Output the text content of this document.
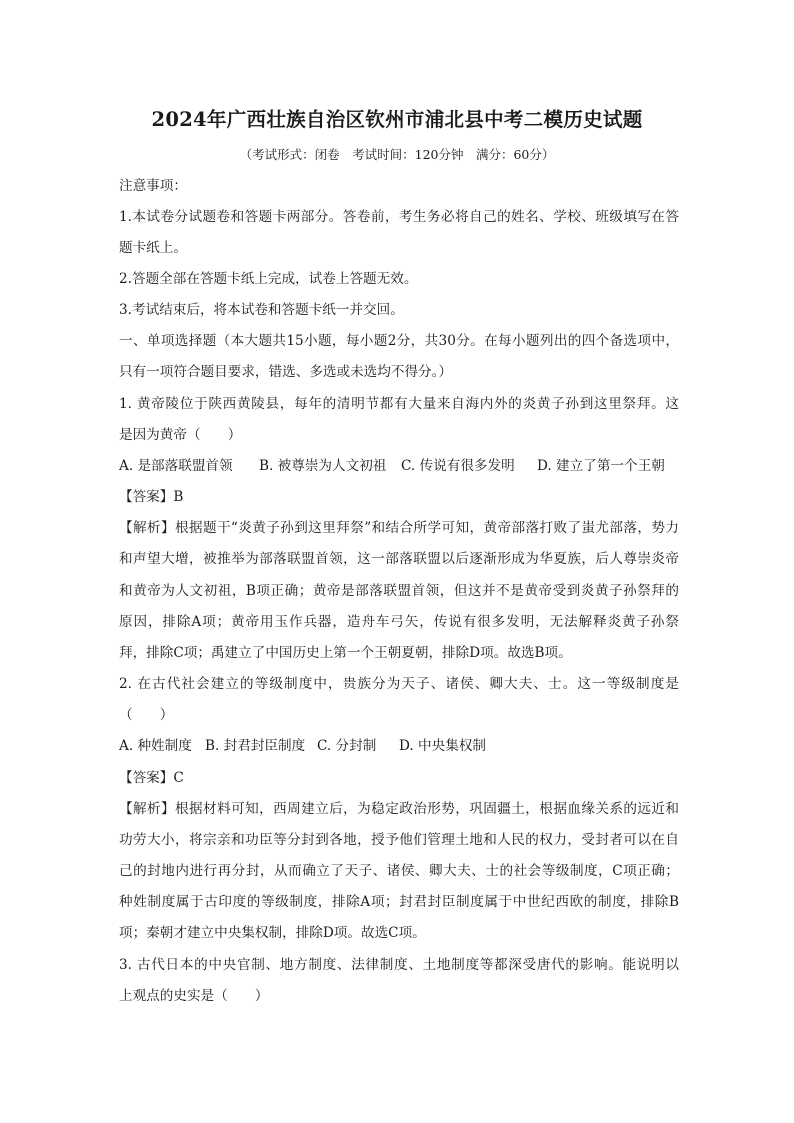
2024年广西壮族自治区钦州市浦北县中考二模历史试题
（考试形式：闭卷　考试时间：120分钟　满分：60分）
注意事项：
1.本试卷分试题卷和答题卡两部分。答卷前，考生务必将自己的姓名、学校、班级填写在答
题卡纸上。
2.答题全部在答题卡纸上完成，试卷上答题无效。
3.考试结束后，将本试卷和答题卡纸一并交回。
一、单项选择题（本大题共15小题，每小题2分，共30分。在每小题列出的四个备选项中，
只有一项符合题目要求，错选、多选或未选均不得分。）
1. 黄帝陵位于陕西黄陵县，每年的清明节都有大量来自海内外的炎黄子孙到这里祭拜。这
是因为黄帝（　　）
A. 是部落联盟首领 B. 被尊崇为人文初祖 C. 传说有很多发明 D. 建立了第一个王朝
【答案】B
【解析】根据题干“炎黄子孙到这里拜祭”和结合所学可知，黄帝部落打败了蚩尤部落，势力
和声望大增，被推举为部落联盟首领，这一部落联盟以后逐渐形成为华夏族，后人尊崇炎帝
和黄帝为人文初祖，B项正确；黄帝是部落联盟首领，但这并不是黄帝受到炎黄子孙祭拜的
原因，排除A项；黄帝用玉作兵器，造舟车弓矢，传说有很多发明，无法解释炎黄子孙祭
拜，排除C项；禹建立了中国历史上第一个王朝夏朝，排除D项。故选B项。
2. 在古代社会建立的等级制度中，贵族分为天子、诸侯、卿大夫、士。这一等级制度是
（　　）
A. 种姓制度 B. 封君封臣制度 C. 分封制 D. 中央集权制
【答案】C
【解析】根据材料可知，西周建立后，为稳定政治形势，巩固疆土，根据血缘关系的远近和
功劳大小，将宗亲和功臣等分封到各地，授予他们管理土地和人民的权力，受封者可以在自
己的封地内进行再分封，从而确立了天子、诸侯、卿大夫、士的社会等级制度，C项正确；
种姓制度属于古印度的等级制度，排除A项；封君封臣制度属于中世纪西欧的制度，排除B
项；秦朝才建立中央集权制，排除D项。故选C项。
3. 古代日本的中央官制、地方制度、法律制度、土地制度等都深受唐代的影响。能说明以
上观点的史实是（　　）
